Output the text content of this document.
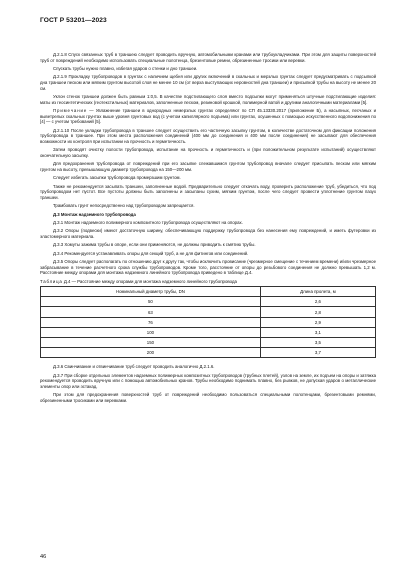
ГОСТ Р 53201—2023

Д.2.1.8 Спуск связанных труб в траншею следует проводить вручную, автомобильными кранами или трубоукладчиками. При этом для защиты поверхностей труб от повреждений необходимо использовать специальные полотенца, брезентовые ремни, обрезиненные тросики или веревки.

Спускать трубы нужно плавно, избегая ударов о стенки и дно траншеи.

Д.2.1.9 Прокладку трубопроводов в грунтах с наличием щебня или других включений в скальных и мерзлых грунтах следует предусматривать с подсыпкой дна траншеи песком или мягким грунтом высотой слоя не менее 10 см (от верха выступающих неровностей дна траншеи) и присыпкой трубы на высоту не менее 20 см.

Уклон стенок траншеи должен быть равным 1:0,5. В качестве подстилающего слоя вместо подсыпки могут применяться штучные подстилающие изделия: маты из геосинтетических (геотекстильных) материалов, заполненные песком, резиновой крошкой, полимерной ватой и другими аналогичными материалами [5].

Примечание — Увлажнение траншеи в однородных немерзлых грунтах определяют по СП 45.13330.2017 (приложение Б), а насыпных, песчаных и выветрелых скальных грунтах выше уровня грунтовых вод (с учетом капиллярного подъема) или грунтах, осушенных с помощью искусственного водопонижения по [4] — с учетом требований [5].

Д.2.1.10 После укладки трубопровода в траншее следует осуществить его частичную засыпку грунтом, в количестве достаточном для фиксации положения трубопровода в траншее. При этом места расположения соединений (400 мм до соединения и 400 мм после соединения) не засыпают для обеспечения возможности их контроля при испытании на прочность и герметичность.

Затем проводят очистку полости трубопровода, испытание на прочность и герметичность и (при положительном результате испытаний) осуществляют окончательную засыпку.

Для предохранения трубопровода от повреждений при его засыпке слежавшимся грунтом трубопровод вначале следует присыпать песком или мягким грунтом на высоту, превышающую диаметр трубопровода на 150—200 мм.

Следует избегать засыпки трубопровода промерзшим грунтом.

Также не рекомендуется засыпать траншеи, заполненные водой. Предварительно следует откачать воду, проверить расположение труб, убедиться, что под трубопроводом нет пустот. Все пустоты должны быть заполнены и засыпаны сухим, мягким грунтом, после чего следует провести уплотнение грунтом пазух траншеи.

Трамбовать грунт непосредственно над трубопроводом запрещается.

Д.3 Монтаж надземного трубопровода

Д.3.1 Монтаж надземного полимерного композитного трубопровода осуществляют на опорах.

Д.3.2 Опоры (подвески) имеют достаточную ширину, обеспечивающую поддержку трубопровода без нанесения ему повреждений, и иметь футеровки из эластомерного материала.

Д.3.3 Хомуты зажима трубы в опоре, если они применяются, не должны приводить к смятию трубы.

Д.3.4 Рекомендуется устанавливать опоры для секций труб, а не для фитингов или соединений.

Д.3.5 Опоры следует располагать по отношению друг к другу так, чтобы исключить провисание (чрезмерное смещение с течением времени) и/или чрезмерное забрасывание в течение расчетного срока службы трубопроводов. Кроме того, расстояние от опоры до резьбового соединения не должно превышать 1,2 м. Расстояние между опорами для монтажа надземного линейного трубопровода приведено в таблице Д.4.

Таблица Д.4 — Расстояние между опорами для монтажа надземного линейного трубопровода
Номинальный диаметр трубы, DN	Длина пролета, м
50	2,6
63	2,8
76	2,9
100	3,1
150	3,5
200	3,7

Д.3.6 Свинчивание и отвинчивание труб следует проводить аналогично Д.2.1.6.

Д.3.7 При сборке отдельных элементов надземных полимерных композитных трубопроводов (трубных плетей), узлов на земле, их подъем на опоры и затяжка рекомендуется проводить вручную или с помощью автомобильных кранов. Трубы необходимо поднимать плавно, без рывков, не допуская ударов о металлические элементы опор или эстакад.

При этом для предохранения поверхностей труб от повреждений необходимо пользоваться специальными полотенцами, брезентовыми ремнями, обрезиненными тросиками или веревками.

46
